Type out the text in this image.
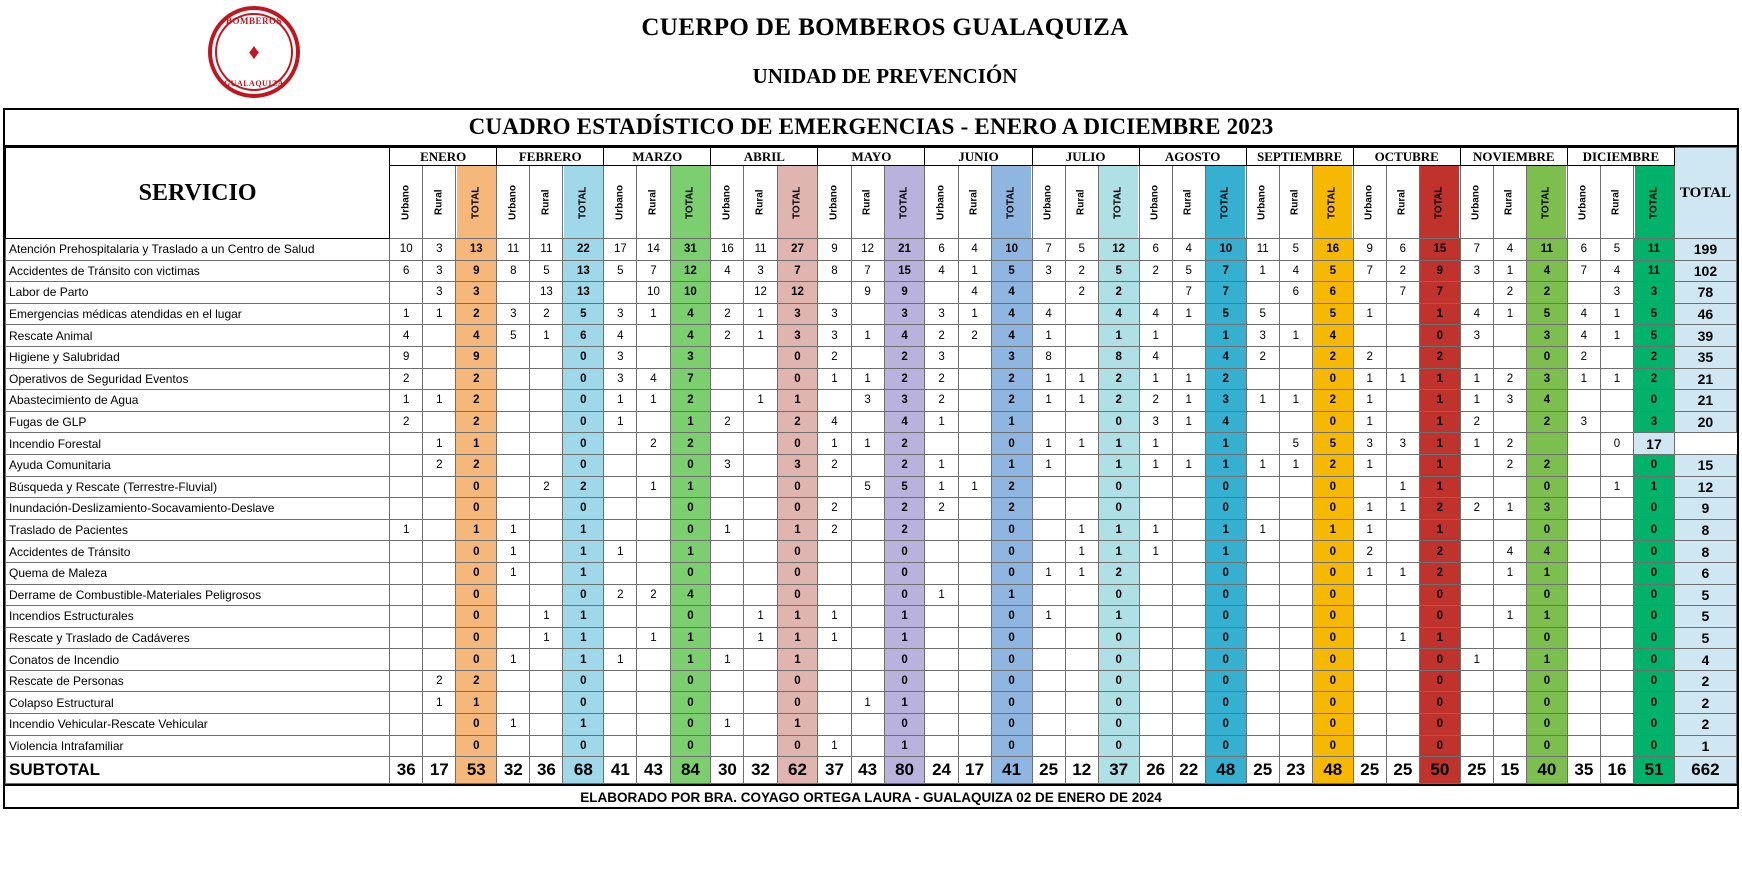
BOMBEROS
♦
GUALAQUIZA
CUERPO DE BOMBEROS GUALAQUIZA
UNIDAD DE PREVENCIÓN
CUADRO ESTADÍSTICO DE EMERGENCIAS - ENERO A DICIEMBRE 2023
SERVICIO	ENERO			FEBRERO			MARZO			ABRIL			MAYO			JUNIO			JULIO			AGOSTO			SEPTIEMBRE			OCTUBRE			NOVIEMBRE			DICIEMBRE			TOTAL
	Urbano	Rural	TOTAL	Urbano	Rural	TOTAL	Urbano	Rural	TOTAL	Urbano	Rural	TOTAL	Urbano	Rural	TOTAL	Urbano	Rural	TOTAL	Urbano	Rural	TOTAL	Urbano	Rural	TOTAL	Urbano	Rural	TOTAL	Urbano	Rural	TOTAL	Urbano	Rural	TOTAL	Urbano	Rural	TOTAL	
Atención Prehospitalaria y Traslado a un Centro de Salud	10	3	13	11	11	22	17	14	31	16	11	27	9	12	21	6	4	10	7	5	12	6	4	10	11	5	16	9	6	15	7	4	11	6	5	11	199
Accidentes de Tránsito con victimas	6	3	9	8	5	13	5	7	12	4	3	7	8	7	15	4	1	5	3	2	5	2	5	7	1	4	5	7	2	9	3	1	4	7	4	11	102
Labor de Parto		3	3		13	13		10	10		12	12		9	9		4	4		2	2		7	7		6	6		7	7		2	2		3	3	78
Emergencias médicas atendidas en el lugar	1	1	2	3	2	5	3	1	4	2	1	3	3		3	3	1	4	4		4	4	1	5	5		5	1		1	4	1	5	4	1	5	46
Rescate Animal	4		4	5	1	6	4		4	2	1	3	3	1	4	2	2	4	1		1	1		1	3	1	4			0	3		3	4	1	5	39
Higiene y Salubridad	9		9			0	3		3			0	2		2	3		3	8		8	4		4	2		2	2		2			0	2		2	35
Operativos de Seguridad Eventos	2		2			0	3	4	7			0	1	1	2	2		2	1	1	2	1	1	2			0	1	1	1	1	2	3	1	1	2	21
Abastecimiento de Agua	1	1	2			0	1	1	2		1	1		3	3	2		2	1	1	2	2	1	3	1	1	2	1		1	1	3	4			0	21
Fugas de GLP	2		2			0	1		1	2		2	4		4	1		1			0	3	1	4			0	1		1	2		2	3		3	20
Incendio Forestal		1	1			0		2	2			0	1	1	2			0	1	1	1	1		1		5	5	3	3	1	1	2			0	17	
Ayuda Comunitaria		2	2			0			0	3		3	2		2	1		1	1		1	1	1	1	1	1	2	1		1		2	2			0	15
Búsqueda y Rescate (Terrestre-Fluvial)			0		2	2		1	1			0		5	5	1	1	2			0			0			0		1	1			0		1	1	12
Inundación-Deslizamiento-Socavamiento-Deslave			0			0			0			0	2		2	2		2			0			0			0	1	1	2	2	1	3			0	9
Traslado de Pacientes	1		1	1		1			0	1		1	2		2			0		1	1	1		1	1		1	1		1			0			0	8
Accidentes de Tránsito			0	1		1	1		1			0			0			0		1	1	1		1			0	2		2		4	4			0	8
Quema de Maleza			0	1		1			0			0			0			0	1	1	2			0			0	1	1	2		1	1			0	6
Derrame de Combustible-Materiales Peligrosos			0			0	2	2	4			0			0	1		1			0			0			0			0			0			0	5
Incendios Estructurales			0		1	1			0		1	1	1		1			0	1		1			0			0			0		1	1			0	5
Rescate y Traslado de Cadáveres			0		1	1		1	1		1	1	1		1			0			0			0			0		1	1			0			0	5
Conatos de Incendio			0	1		1	1		1	1		1			0			0			0			0			0			0	1		1			0	4
Rescate de Personas		2	2			0			0			0			0			0			0			0			0			0			0			0	2
Colapso Estructural		1	1			0			0			0		1	1			0			0			0			0			0			0			0	2
Incendio Vehicular-Rescate Vehicular			0	1		1			0	1		1			0			0			0			0			0			0			0			0	2
Violencia Intrafamiliar			0			0			0			0	1		1			0			0			0			0			0			0			0	1
SUBTOTAL	36	17	53	32	36	68	41	43	84	30	32	62	37	43	80	24	17	41	25	12	37	26	22	48	25	23	48	25	25	50	25	15	40	35	16	51	662
ELABORADO POR BRA. COYAGO ORTEGA LAURA - GUALAQUIZA 02 DE ENERO DE 2024
